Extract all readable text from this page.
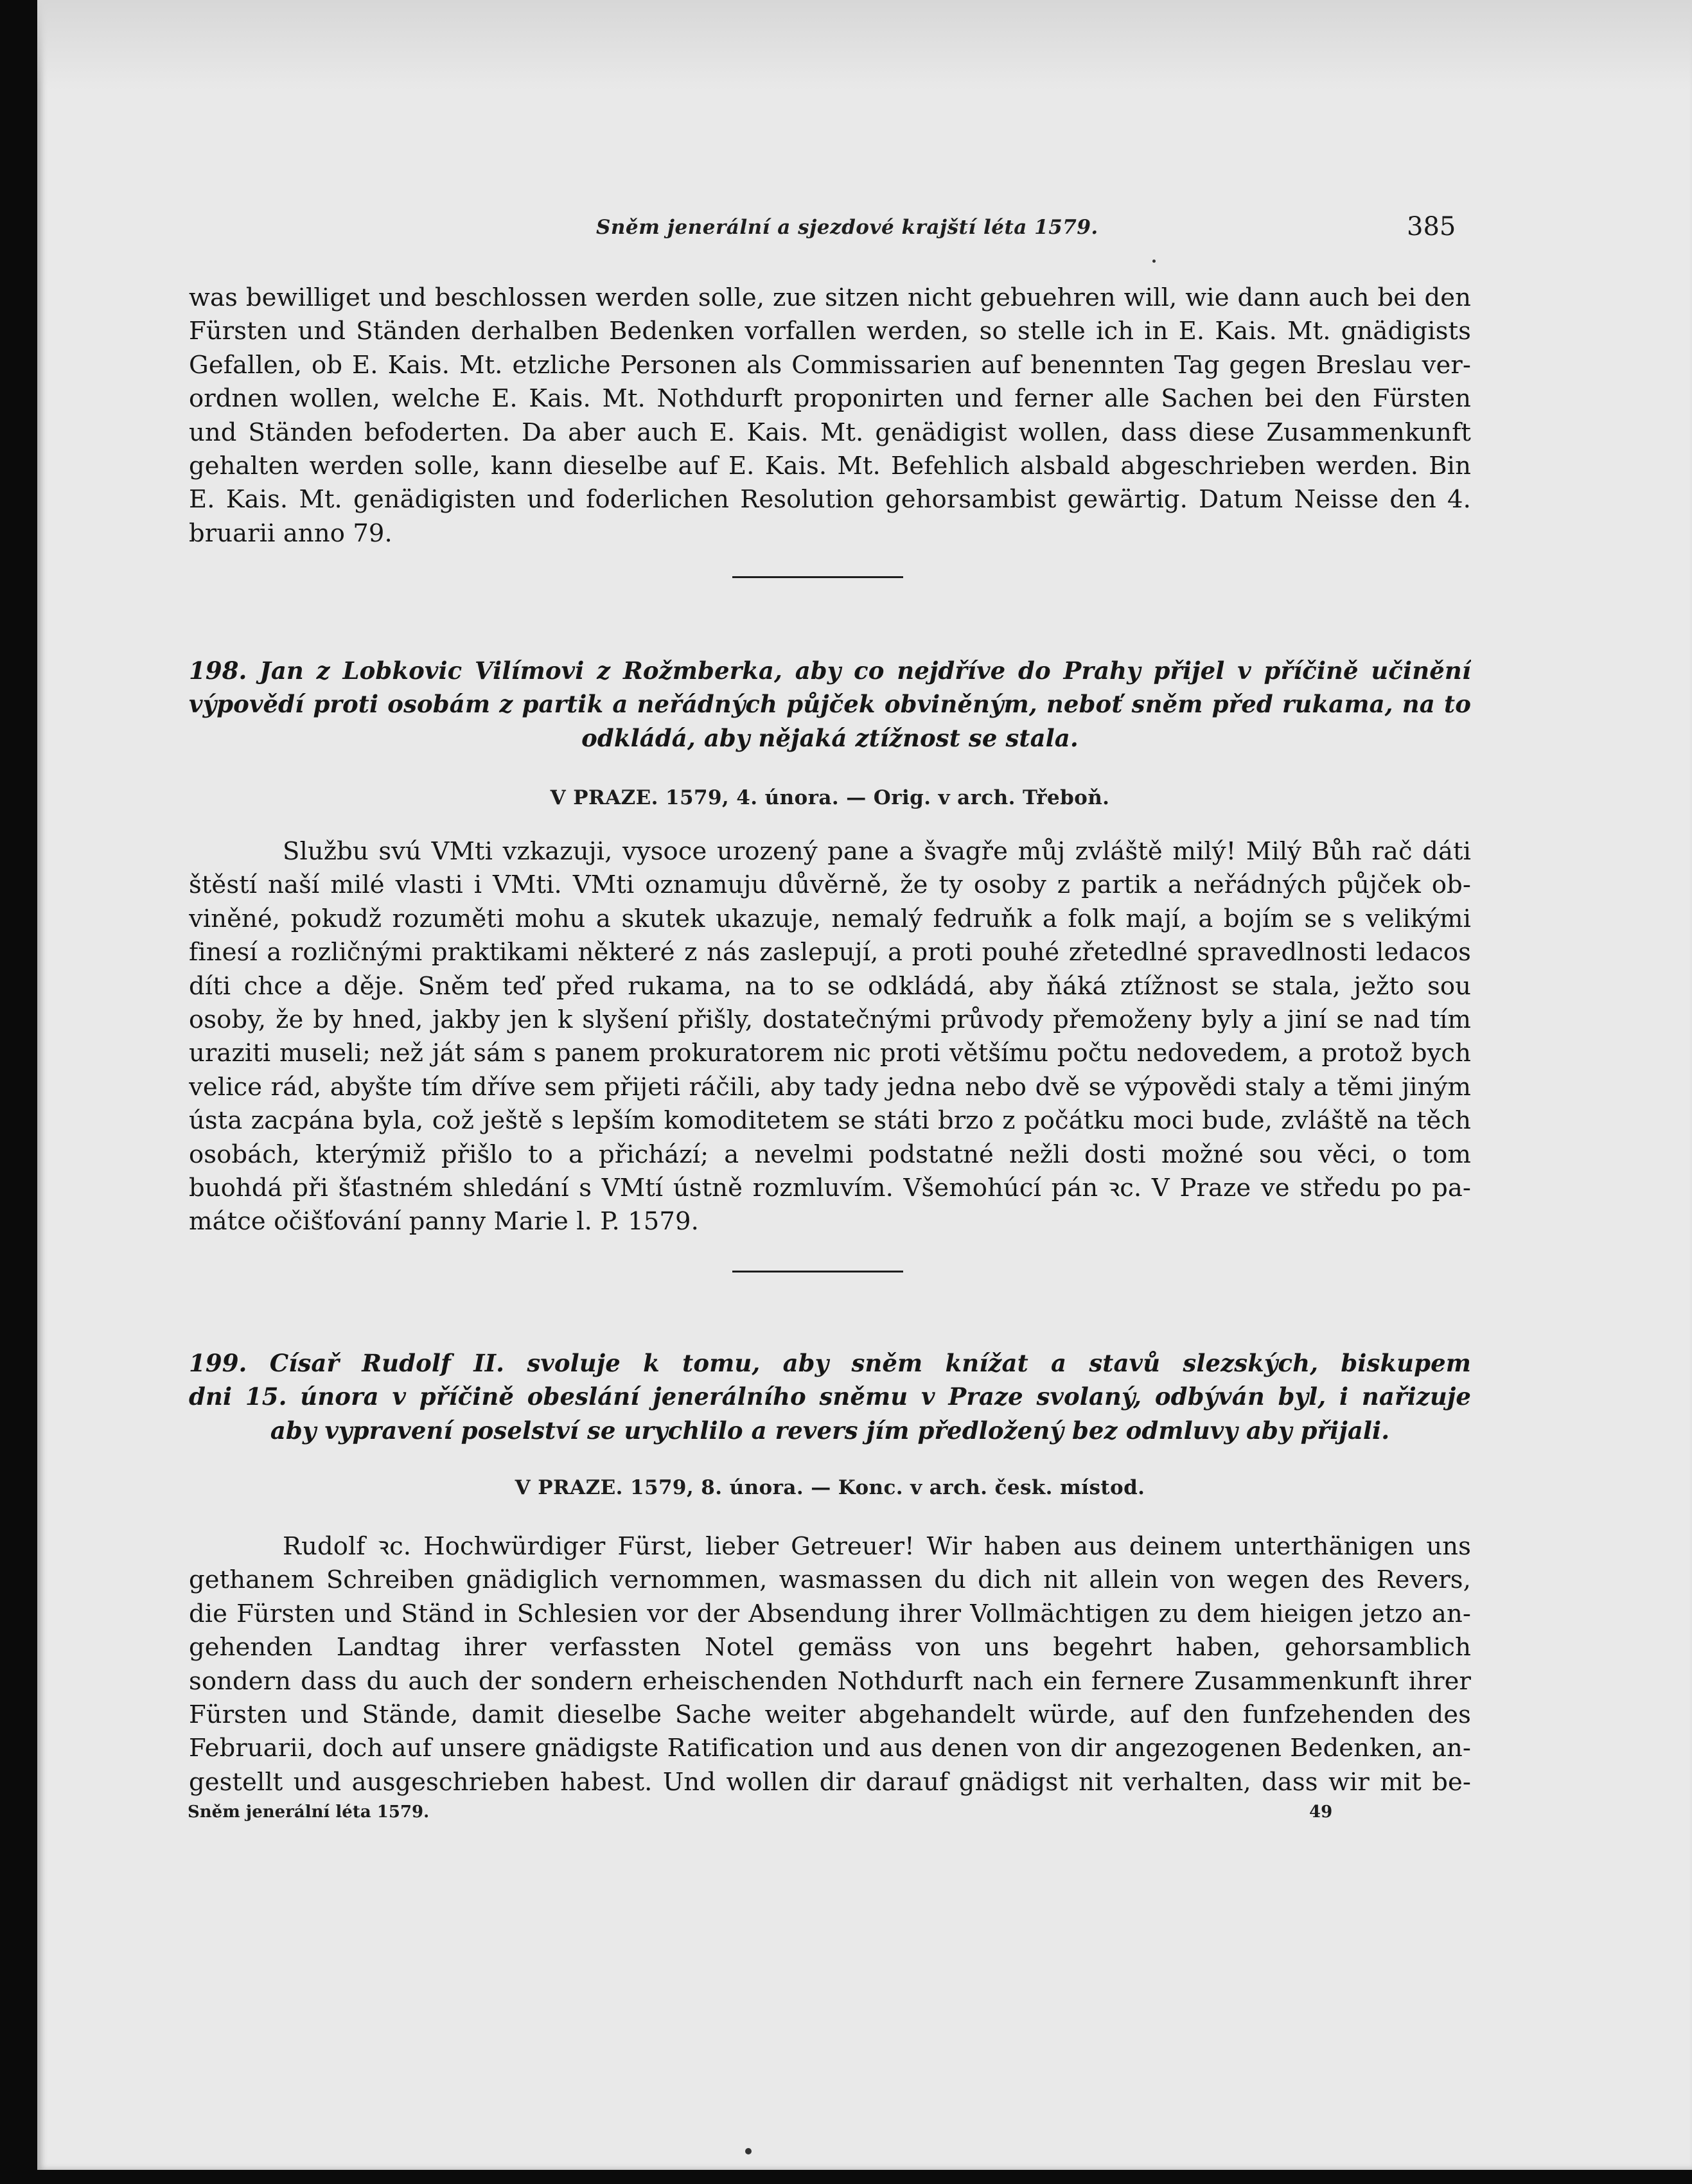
Sněm jenerální a sjezdové krajští léta 1579.	385
was bewilliget und beschlossen werden solle, zue sitzen nicht gebuehren will, wie dann auch bei den
Fürsten und Ständen derhalben Bedenken vorfallen werden, so stelle ich in E. Kais. Mt. gnädigists
Gefallen, ob E. Kais. Mt. etzliche Personen als Commissarien auf benennten Tag gegen Breslau ver-
ordnen wollen, welche E. Kais. Mt. Nothdurft proponirten und ferner alle Sachen bei den Fürsten
und Ständen befoderten. Da aber auch E. Kais. Mt. genädigist wollen, dass diese Zusammenkunft
gehalten werden solle, kann dieselbe auf E. Kais. Mt. Befehlich alsbald abgeschrieben werden. Bin
E. Kais. Mt. genädigisten und foderlichen Resolution gehorsambist gewärtig. Datum Neisse den 4.
bruarii anno 79.
198. Jan z Lobkovic Vilímovi z Rožmberka, aby co nejdříve do Prahy přijel v příčině učinění
výpovědí proti osobám z partik a neřádných půjček obviněným, neboť sněm před rukama, na to
odkládá, aby nějaká ztížnost se stala.
V PRAZE. 1579, 4. února. — Orig. v arch. Třeboň.
Službu svú VMti vzkazuji, vysoce urozený pane a švagře můj zvláště milý! Milý Bůh rač dáti
štěstí naší milé vlasti i VMti. VMti oznamuju důvěrně, že ty osoby z partik a neřádných půjček ob-
viněné, pokudž rozuměti mohu a skutek ukazuje, nemalý fedruňk a folk mají, a bojím se s velikými
finesí a rozličnými praktikami některé z nás zaslepují, a proti pouhé zřetedlné spravedlnosti ledacos
díti chce a děje. Sněm teď před rukama, na to se odkládá, aby ňáká ztížnost se stala, ježto sou
osoby, že by hned, jakby jen k slyšení přišly, dostatečnými průvody přemoženy byly a jiní se nad tím
uraziti museli; než ját sám s panem prokuratorem nic proti většímu počtu nedovedem, a protož bych
velice rád, abyšte tím dříve sem přijeti ráčili, aby tady jedna nebo dvě se výpovědi staly a těmi jiným
ústa zacpána byla, což ještě s lepším komoditetem se státi brzo z počátku moci bude, zvláště na těch
osobách, kterýmiž přišlo to a přichází; a nevelmi podstatné nežli dosti možné sou věci, o tom
buohdá při šťastném shledání s VMtí ústně rozmluvím. Všemohúcí pán ꝛc. V Praze ve středu po pa-
mátce očišťování panny Marie l. P. 1579.
199. Císař Rudolf II. svoluje k tomu, aby sněm knížat a stavů slezských, biskupem
dni 15. února v příčině obeslání jenerálního sněmu v Praze svolaný, odbýván byl, i nařizuje
aby vypravení poselství se urychlilo a revers jím předložený bez odmluvy aby přijali.
V PRAZE. 1579, 8. února. — Konc. v arch. česk. místod.
Rudolf ꝛc. Hochwürdiger Fürst, lieber Getreuer! Wir haben aus deinem unterthänigen uns
gethanem Schreiben gnädiglich vernommen, wasmassen du dich nit allein von wegen des Revers,
die Fürsten und Ständ in Schlesien vor der Absendung ihrer Vollmächtigen zu dem hieigen jetzo an-
gehenden Landtag ihrer verfassten Notel gemäss von uns begehrt haben, gehorsamblich
sondern dass du auch der sondern erheischenden Nothdurft nach ein fernere Zusammenkunft ihrer
Fürsten und Stände, damit dieselbe Sache weiter abgehandelt würde, auf den funfzehenden des
Februarii, doch auf unsere gnädigste Ratification und aus denen von dir angezogenen Bedenken, an-
gestellt und ausgeschrieben habest. Und wollen dir darauf gnädigst nit verhalten, dass wir mit be-
Sněm jenerální léta 1579.	49
